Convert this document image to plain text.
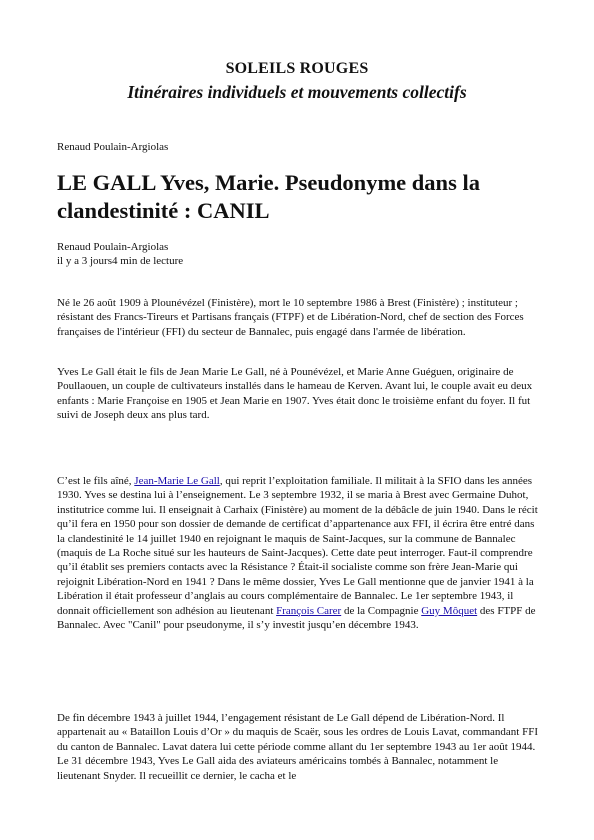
SOLEILS ROUGES
Itinéraires individuels et mouvements collectifs
Renaud Poulain-Argiolas
LE GALL Yves, Marie. Pseudonyme dans la clandestinité : CANIL
Renaud Poulain-Argiolas
il y a 3 jours4 min de lecture

Né le 26 août 1909 à Plounévézel (Finistère), mort le 10 septembre 1986 à Brest (Finistère) ; instituteur ; résistant des Francs-Tireurs et Partisans français (FTPF) et de Libération-Nord, chef de section des Forces françaises de l'intérieur (FFI) du secteur de Bannalec, puis engagé dans l'armée de libération.

Yves Le Gall était le fils de Jean Marie Le Gall, né à Pounévézel, et Marie Anne Guéguen, originaire de Poullaouen, un couple de cultivateurs installés dans le hameau de Kerven. Avant lui, le couple avait eu deux enfants : Marie Françoise en 1905 et Jean Marie en 1907. Yves était donc le troisième enfant du foyer. Il fut suivi de Joseph deux ans plus tard.

C’est le fils aîné, Jean-Marie Le Gall, qui reprit l’exploitation familiale. Il militait à la SFIO dans les années 1930. Yves se destina lui à l’enseignement. Le 3 septembre 1932, il se maria à Brest avec Germaine Duhot, institutrice comme lui. Il enseignait à Carhaix (Finistère) au moment de la débâcle de juin 1940. Dans le récit qu’il fera en 1950 pour son dossier de demande de certificat d’appartenance aux FFI, il écrira être entré dans la clandestinité le 14 juillet 1940 en rejoignant le maquis de Saint-Jacques, sur la commune de Bannalec (maquis de La Roche situé sur les hauteurs de Saint-Jacques). Cette date peut interroger. Faut-il comprendre qu’il établit ses premiers contacts avec la Résistance ? Était-il socialiste comme son frère Jean-Marie qui rejoignit Libération-Nord en 1941 ? Dans le même dossier, Yves Le Gall mentionne que de janvier 1941 à la Libération il était professeur d’anglais au cours complémentaire de Bannalec. Le 1er septembre 1943, il donnait officiellement son adhésion au lieutenant François Carer de la Compagnie Guy Môquet des FTPF de Bannalec. Avec "Canil" pour pseudonyme, il s’y investit jusqu’en décembre 1943.

De fin décembre 1943 à juillet 1944, l’engagement résistant de Le Gall dépend de Libération-Nord. Il appartenait au « Bataillon Louis d’Or » du maquis de Scaër, sous les ordres de Louis Lavat, commandant FFI du canton de Bannalec. Lavat datera lui cette période comme allant du 1er septembre 1943 au 1er août 1944. Le 31 décembre 1943, Yves Le Gall aida des aviateurs américains tombés à Bannalec, notamment le lieutenant Snyder. Il recueillit ce dernier, le cacha et le
